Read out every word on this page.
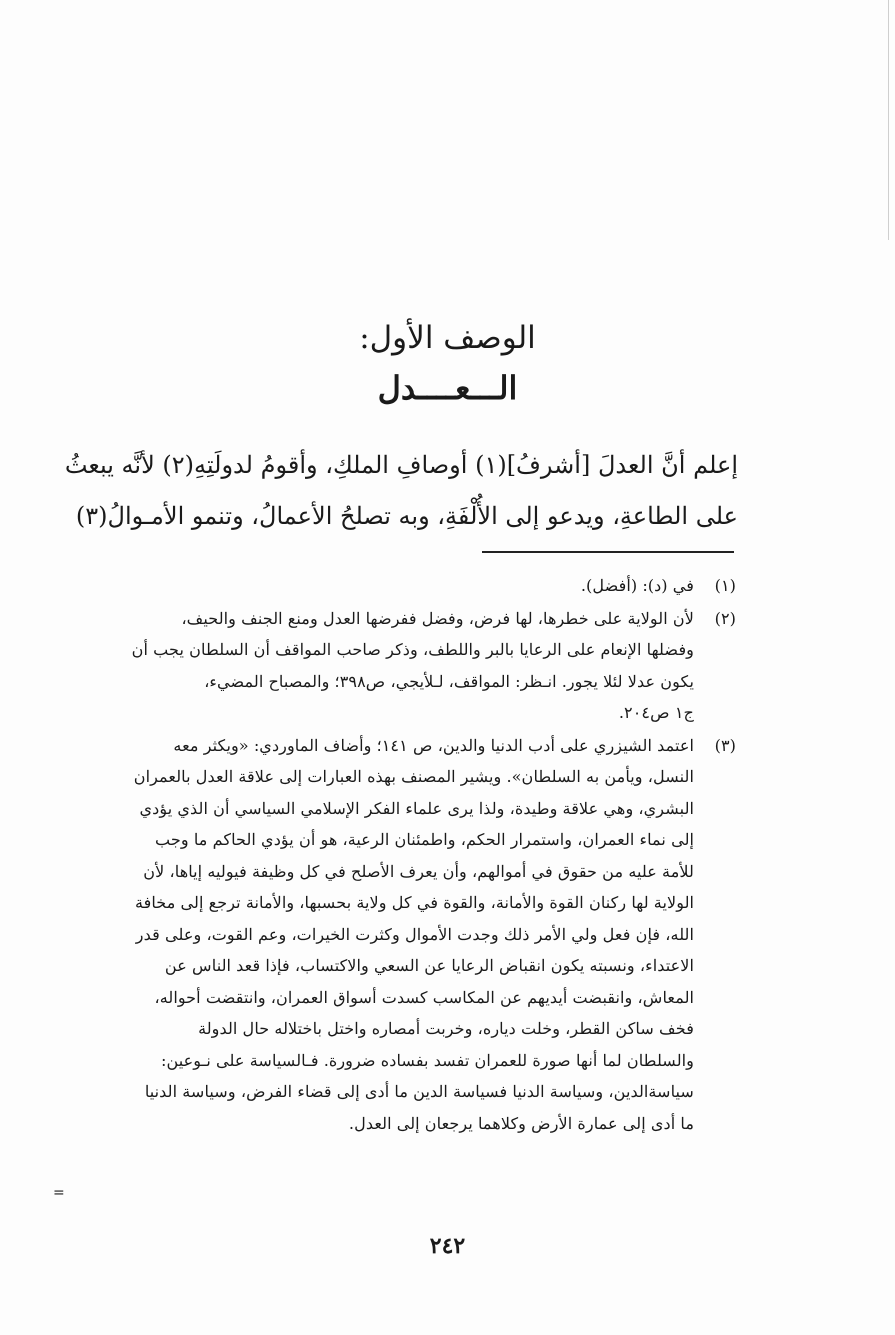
الوصف الأول:
الـــعــــدل
إعلم أنَّ العدلَ [أشرفُ](١) أوصافِ الملكِ، وأقومُ لدولَتِهِ(٢) لأنَّه يبعثُ
على الطاعةِ، ويدعو إلى الأُلْفَةِ، وبه تصلحُ الأعمالُ، وتنمو الأمـوالُ(٣)
(١)
في (د): (أفضل).
(٢)
لأن الولاية على خطرها، لها فرض، وفضل ففرضها العدل ومنع الجنف والحيف،
وفضلها الإنعام على الرعايا بالبر واللطف، وذكر صاحب المواقف أن السلطان يجب أن
يكون عدلا لئلا يجور. انـظر: المواقف، لـلأيجي، ص٣٩٨؛ والمصباح المضيء،
ج١ ص٢٠٤.
(٣)
اعتمد الشيزري على أدب الدنيا والدين، ص ١٤١؛ وأضاف الماوردي: «ويكثر معه
النسل، ويأمن به السلطان». ويشير المصنف بهذه العبارات إلى علاقة العدل بالعمران
البشري، وهي علاقة وطيدة، ولذا يرى علماء الفكر الإسلامي السياسي أن الذي يؤدي
إلى نماء العمران، واستمرار الحكم، واطمئنان الرعية، هو أن يؤدي الحاكم ما وجب
للأمة عليه من حقوق في أموالهم، وأن يعرف الأصلح في كل وظيفة فيوليه إياها، لأن
الولاية لها ركنان القوة والأمانة، والقوة في كل ولاية بحسبها، والأمانة ترجع إلى مخافة
الله، فإن فعل ولي الأمر ذلك وجدت الأموال وكثرت الخيرات، وعم القوت، وعلى قدر
الاعتداء، ونسبته يكون انقباض الرعايا عن السعي والاكتساب، فإذا قعد الناس عن
المعاش، وانقبضت أيديهم عن المكاسب كسدت أسواق العمران، وانتقضت أحواله،
فخف ساكن القطر، وخلت دياره، وخربت أمصاره واختل باختلاله حال الدولة
والسلطان لما أنها صورة للعمران تفسد بفساده ضرورة. فـالسياسة على نـوعين:
سياسةالدين، وسياسة الدنيا فسياسة الدين ما أدى إلى قضاء الفرض، وسياسة الدنيا
ما أدى إلى عمارة الأرض وكلاهما يرجعان إلى العدل.
=
٢٤٢
